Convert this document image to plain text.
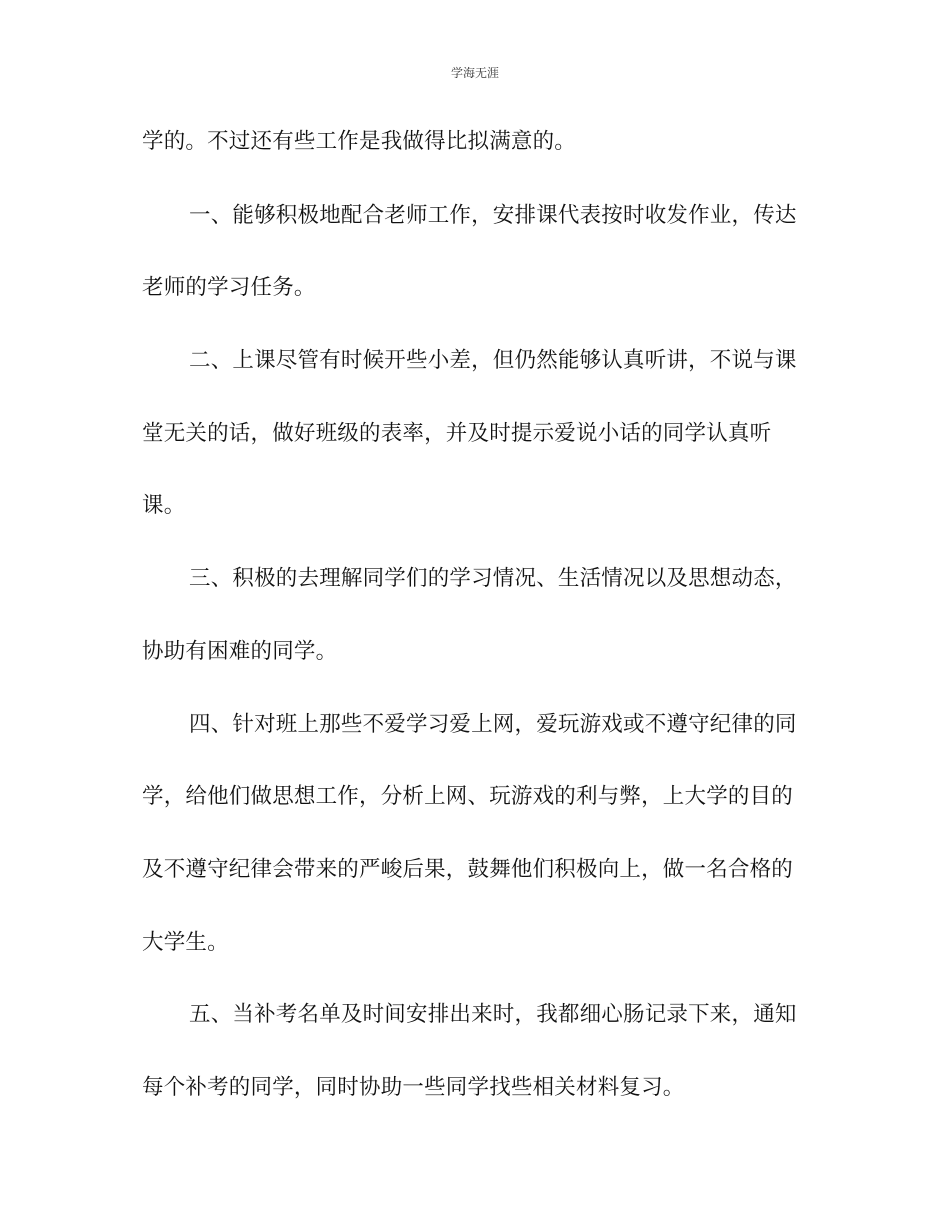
学海无涯
学的。不过还有些工作是我做得比拟满意的。
一、能够积极地配合老师工作，安排课代表按时收发作业，传达
老师的学习任务。
二、上课尽管有时候开些小差，但仍然能够认真听讲，不说与课
堂无关的话，做好班级的表率，并及时提示爱说小话的同学认真听
课。
三、积极的去理解同学们的学习情况、生活情况以及思想动态，
协助有困难的同学。
四、针对班上那些不爱学习爱上网，爱玩游戏或不遵守纪律的同
学，给他们做思想工作，分析上网、玩游戏的利与弊，上大学的目的
及不遵守纪律会带来的严峻后果，鼓舞他们积极向上，做一名合格的
大学生。
五、当补考名单及时间安排出来时，我都细心肠记录下来，通知
每个补考的同学，同时协助一些同学找些相关材料复习。
